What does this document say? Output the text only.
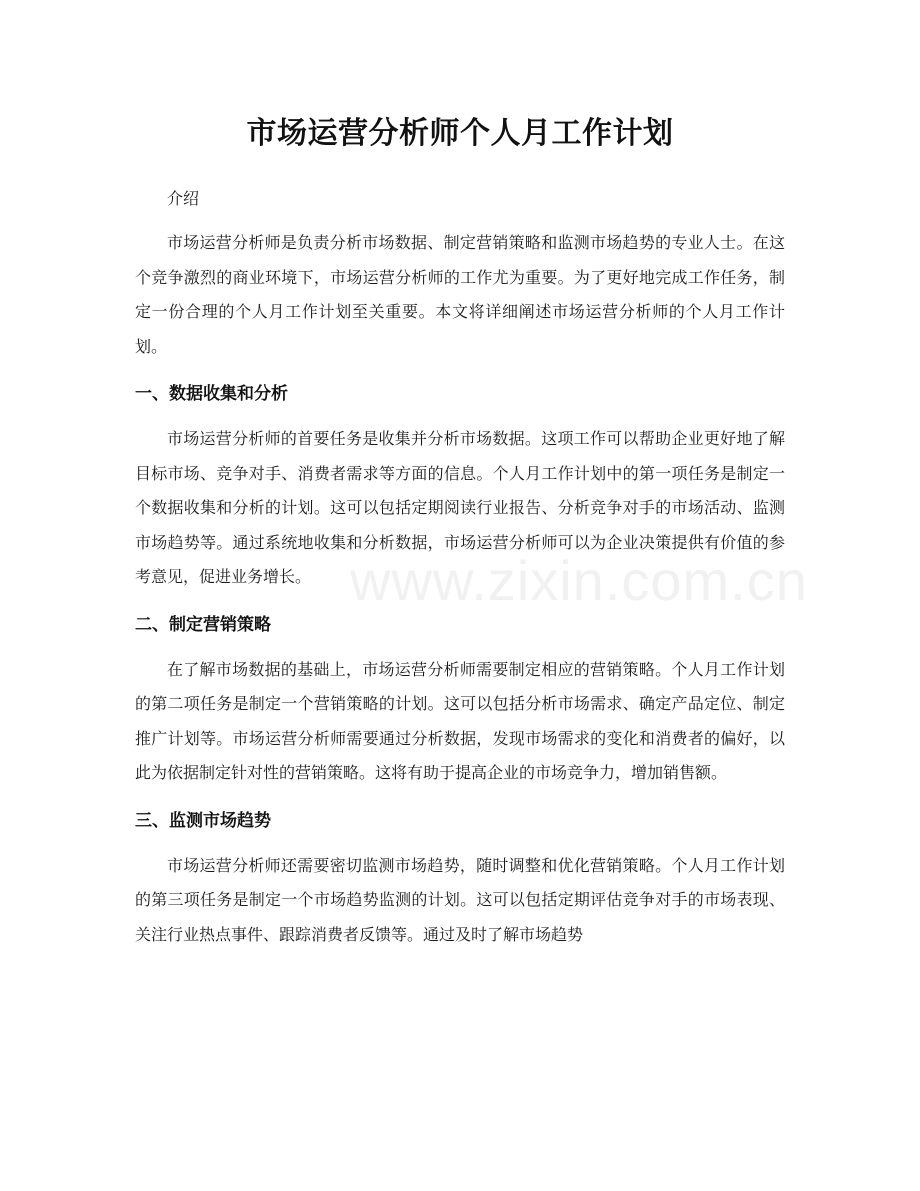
市场运营分析师个人月工作计划

介绍

市场运营分析师是负责分析市场数据、制定营销策略和监测市场趋势的专业人士。在这个竞争激烈的商业环境下，市场运营分析师的工作尤为重要。为了更好地完成工作任务，制定一份合理的个人月工作计划至关重要。本文将详细阐述市场运营分析师的个人月工作计划。

一、数据收集和分析

市场运营分析师的首要任务是收集并分析市场数据。这项工作可以帮助企业更好地了解目标市场、竞争对手、消费者需求等方面的信息。个人月工作计划中的第一项任务是制定一个数据收集和分析的计划。这可以包括定期阅读行业报告、分析竞争对手的市场活动、监测市场趋势等。通过系统地收集和分析数据，市场运营分析师可以为企业决策提供有价值的参考意见，促进业务增长。

二、制定营销策略

在了解市场数据的基础上，市场运营分析师需要制定相应的营销策略。个人月工作计划的第二项任务是制定一个营销策略的计划。这可以包括分析市场需求、确定产品定位、制定推广计划等。市场运营分析师需要通过分析数据，发现市场需求的变化和消费者的偏好，以此为依据制定针对性的营销策略。这将有助于提高企业的市场竞争力，增加销售额。

三、监测市场趋势

市场运营分析师还需要密切监测市场趋势，随时调整和优化营销策略。个人月工作计划的第三项任务是制定一个市场趋势监测的计划。这可以包括定期评估竞争对手的市场表现、关注行业热点事件、跟踪消费者反馈等。通过及时了解市场趋势

www.zixin.com.cn
